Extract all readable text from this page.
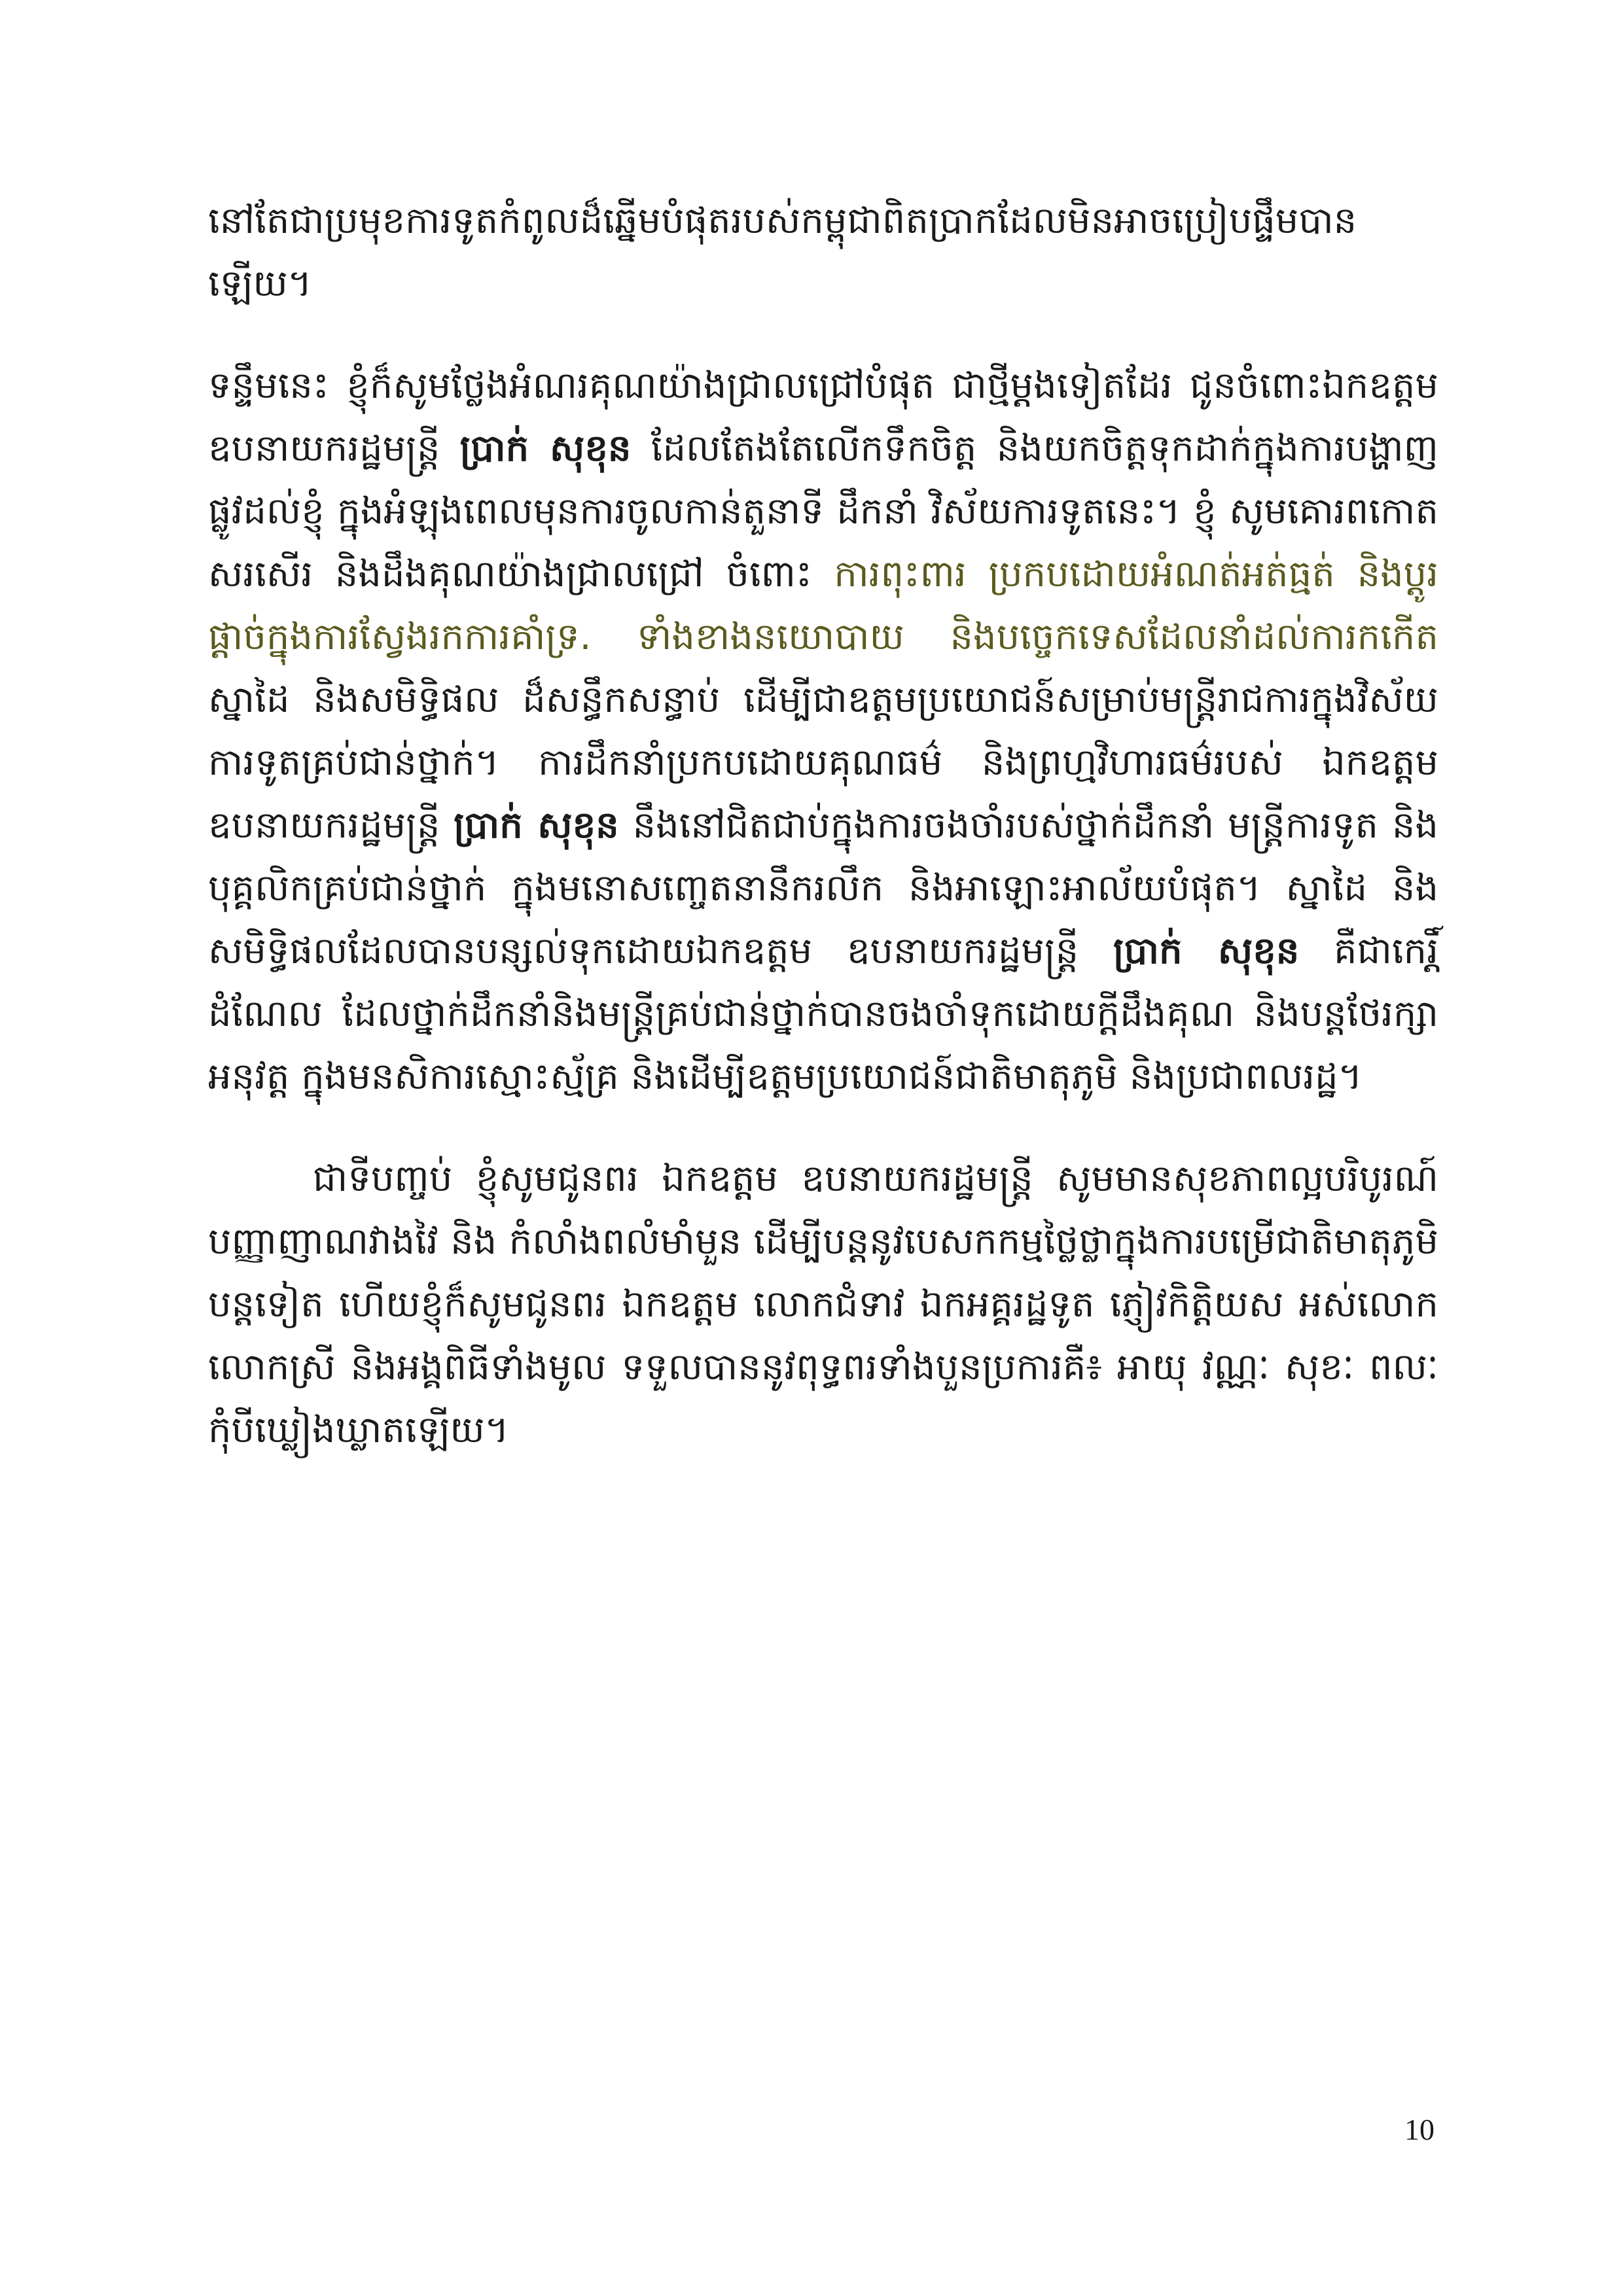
នៅតែជាប្រមុខការទូតកំពូលដ៏ឆ្នើមបំផុតរបស់កម្ពុជាពិតប្រាកដែលមិនអាចប្រៀបផ្ទឹមបានឡើយ។

ទន្ទឹមនេះ ខ្ញុំក៏សូមថ្លែងអំណរគុណយ៉ាងជ្រាលជ្រៅបំផុត ជាថ្មីម្តងទៀតដែរ ជូនចំពោះឯកឧត្តម ឧបនាយករដ្ឋមន្ត្រី ប្រាក់ សុខុន ដែលតែងតែលើកទឹកចិត្ត និងយកចិត្តទុកដាក់ក្នុងការបង្ហាញផ្លូវដល់ខ្ញុំ ក្នុងអំឡុងពេលមុនការចូលកាន់តួនាទី ដឹកនាំ វិស័យការទូតនេះ។ ខ្ញុំ សូមគោរពកោតសរសើរ និងដឹងគុណយ៉ាងជ្រាលជ្រៅ ចំពោះ ការពុះពារ ប្រកបដោយអំណត់អត់ធ្មត់ និងប្តូរផ្តាច់ក្នុងការស្វែងរកការគាំទ្រ. ទាំងខាងនយោបាយ និងបច្ចេកទេសដែលនាំដល់ការកកើត ស្នាដៃ និងសមិទ្ធិផល ដ៏សន្ធឹកសន្ធាប់ ដើម្បីជាឧត្តមប្រយោជន៍សម្រាប់មន្ត្រីរាជការក្នុងវិស័យការទូតគ្រប់ជាន់ថ្នាក់។ ការដឹកនាំប្រកបដោយគុណធម៌ និងព្រហ្មវិហារធម៌របស់ ឯកឧត្តម ឧបនាយករដ្ឋមន្ត្រី ប្រាក់ សុខុន នឹងនៅជិតជាប់ក្នុងការចងចាំរបស់ថ្នាក់ដឹកនាំ មន្ត្រីការទូត និងបុគ្គលិកគ្រប់ជាន់ថ្នាក់ ក្នុងមនោសញ្ចេតនានឹករលឹក និងអាឡោះអាល័យបំផុត។ ស្នាដៃ និងសមិទ្ធិផលដែលបានបន្សល់ទុកដោយឯកឧត្តម ឧបនាយករដ្ឋមន្ត្រី ប្រាក់ សុខុន គឺជាកេរ្តិ៍ដំណែល ដែលថ្នាក់ដឹកនាំនិងមន្ត្រីគ្រប់ជាន់ថ្នាក់បានចងចាំទុកដោយក្តីដឹងគុណ និងបន្តថែរក្សា អនុវត្ត ក្នុងមនសិការស្មោះស្ម័គ្រ និងដើម្បីឧត្តមប្រយោជន៍ជាតិមាតុភូមិ និងប្រជាពលរដ្ឋ។

ជាទីបញ្ចប់ ខ្ញុំសូមជូនពរ ឯកឧត្តម ឧបនាយករដ្ឋមន្ត្រី សូមមានសុខភាពល្អបរិបូរណ៍ បញ្ញាញាណវាងវៃ និង កំលាំងពលំមាំមួន ដើម្បីបន្តនូវបេសកកម្មថ្លៃថ្លាក្នុងការបម្រើជាតិមាតុភូមិបន្តទៀត ហើយខ្ញុំក៏សូមជូនពរ ឯកឧត្តម លោកជំទាវ ឯកអគ្គរដ្ឋទូត ភ្ញៀវកិត្តិយស អស់លោក លោកស្រី និងអង្គពិធីទាំងមូល ទទួលបាននូវពុទ្ធពរទាំងបួនប្រការគឺ៖ អាយុ វណ្ណៈ សុខៈ ពលៈ កុំបីឃ្លៀងឃ្លាតឡើយ។

10
